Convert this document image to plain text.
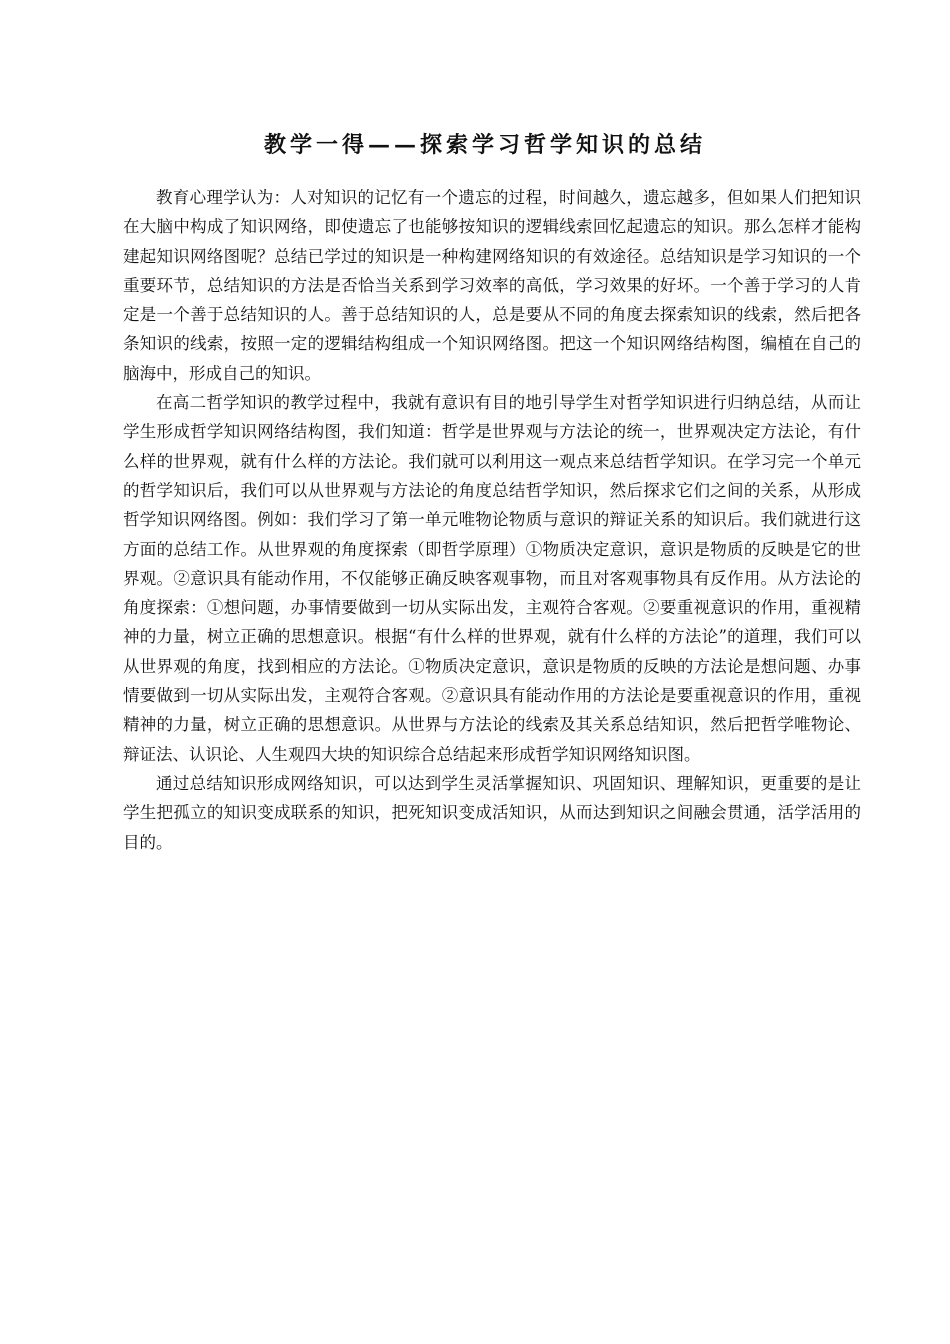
教学一得——探索学习哲学知识的总结

教育心理学认为：人对知识的记忆有一个遗忘的过程，时间越久，遗忘越多，但如果人们把知识在大脑中构成了知识网络，即使遗忘了也能够按知识的逻辑线索回忆起遗忘的知识。那么怎样才能构建起知识网络图呢？总结已学过的知识是一种构建网络知识的有效途径。总结知识是学习知识的一个重要环节，总结知识的方法是否恰当关系到学习效率的高低，学习效果的好坏。一个善于学习的人肯定是一个善于总结知识的人。善于总结知识的人，总是要从不同的角度去探索知识的线索，然后把各条知识的线索，按照一定的逻辑结构组成一个知识网络图。把这一个知识网络结构图，编植在自己的脑海中，形成自己的知识。

在高二哲学知识的教学过程中，我就有意识有目的地引导学生对哲学知识进行归纳总结，从而让学生形成哲学知识网络结构图，我们知道：哲学是世界观与方法论的统一，世界观决定方法论，有什么样的世界观，就有什么样的方法论。我们就可以利用这一观点来总结哲学知识。在学习完一个单元的哲学知识后，我们可以从世界观与方法论的角度总结哲学知识，然后探求它们之间的关系，从形成哲学知识网络图。例如：我们学习了第一单元唯物论物质与意识的辩证关系的知识后。我们就进行这方面的总结工作。从世界观的角度探索（即哲学原理）①物质决定意识，意识是物质的反映是它的世界观。②意识具有能动作用，不仅能够正确反映客观事物，而且对客观事物具有反作用。从方法论的角度探索：①想问题，办事情要做到一切从实际出发，主观符合客观。②要重视意识的作用，重视精神的力量，树立正确的思想意识。根据“有什么样的世界观，就有什么样的方法论”的道理，我们可以从世界观的角度，找到相应的方法论。①物质决定意识，意识是物质的反映的方法论是想问题、办事情要做到一切从实际出发，主观符合客观。②意识具有能动作用的方法论是要重视意识的作用，重视精神的力量，树立正确的思想意识。从世界与方法论的线索及其关系总结知识，然后把哲学唯物论、辩证法、认识论、人生观四大块的知识综合总结起来形成哲学知识网络知识图。

通过总结知识形成网络知识，可以达到学生灵活掌握知识、巩固知识、理解知识，更重要的是让学生把孤立的知识变成联系的知识，把死知识变成活知识，从而达到知识之间融会贯通，活学活用的目的。
